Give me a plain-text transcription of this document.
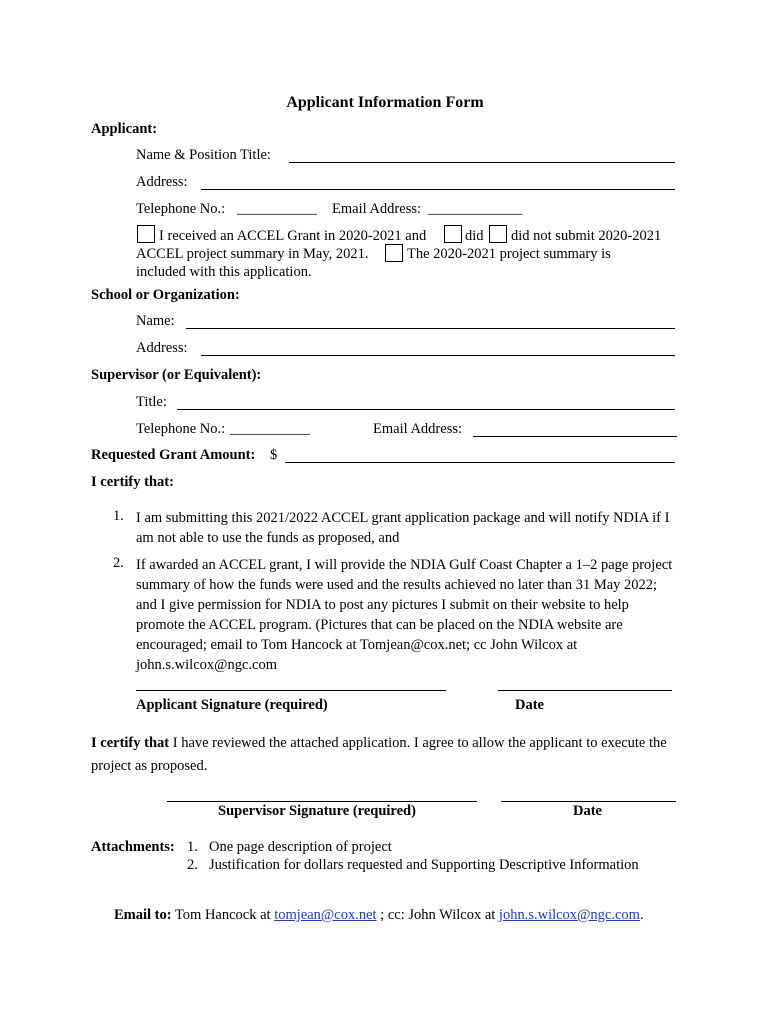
Applicant Information Form
Applicant:
Name & Position Title:
Address:
Telephone No.: ___________ Email Address: _____________
I received an ACCEL Grant in 2020-2021 and	did did not submit 2020-2021
ACCEL project summary in May, 2021.	The 2020-2021 project summary is
included with this application.
School or Organization:
Name:
Address:
Supervisor (or Equivalent):
Title:
Telephone No.: ___________	Email Address:
Requested Grant Amount: $
I certify that:
1. I am submitting this 2021/2022 ACCEL grant application package and will notify NDIA if I am not able to use the funds as proposed, and
2. If awarded an ACCEL grant, I will provide the NDIA Gulf Coast Chapter a 1–2 page project summary of how the funds were used and the results achieved no later than 31 May 2022; and I give permission for NDIA to post any pictures I submit on their website to help promote the ACCEL program. (Pictures that can be placed on the NDIA website are encouraged; email to Tom Hancock at Tomjean@cox.net; cc John Wilcox at john.s.wilcox@ngc.com
Applicant Signature (required)	Date
I certify that I have reviewed the attached application. I agree to allow the applicant to execute the project as proposed.
Supervisor Signature (required)	Date
Attachments: 1. One page description of project
2. Justification for dollars requested and Supporting Descriptive Information
Email to: Tom Hancock at tomjean@cox.net ; cc: John Wilcox at john.s.wilcox@ngc.com.
